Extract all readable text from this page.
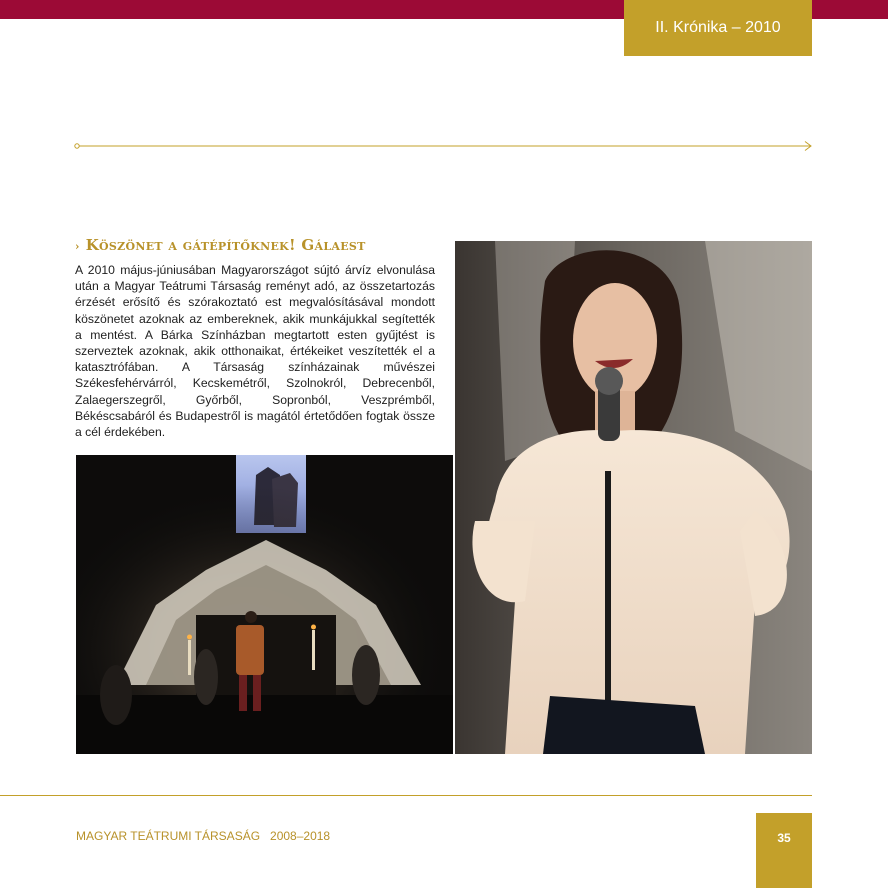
II. Krónika – 2010
› Köszönet a gátépítőknek! Gálaest
A 2010 május-júniusában Magyarországot sújtó árvíz elvonulása után a Magyar Teátrumi Társaság reményt adó, az összetartozás érzését erősítő és szórakoztató est megvalósításával mondott köszönetet azoknak az embereknek, akik munkájukkal segítették a mentést. A Bárka Színházban megtartott esten gyűjtést is szerveztek azoknak, akik otthonaikat, értékeiket veszítették el a katasztrófában. A Társaság színházainak művészei Székesfehérvárról, Kecskemétről, Szolnokról, Debrecenből, Zalaegerszegről, Győrből, Sopronból, Veszprémből, Békéscsabáról és Budapestről is magától értetődően fogtak össze a cél érdekében.
MAGYAR TEÁTRUMI TÁRSASÁG 2008–2018	35
